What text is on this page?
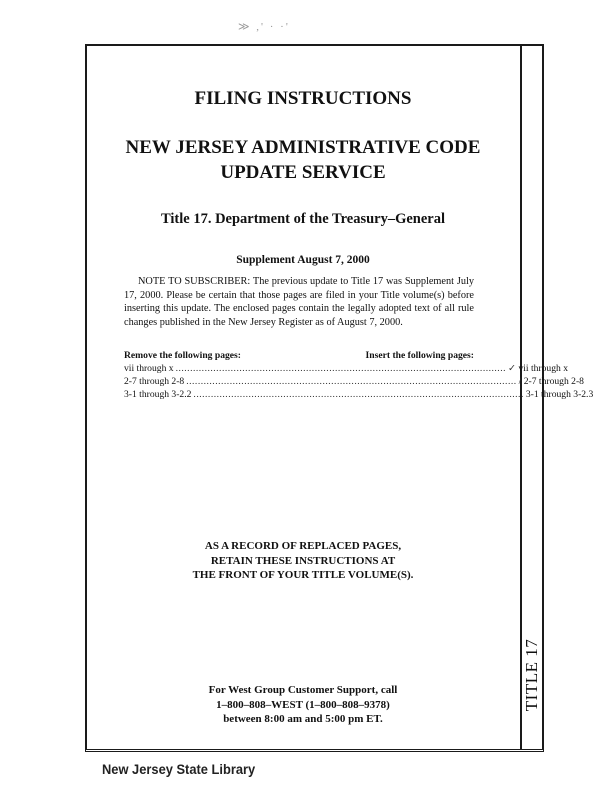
≫ ,' · ·'
TITLE 17
FILING INSTRUCTIONS
NEW JERSEY ADMINISTRATIVE CODE
UPDATE SERVICE
Title 17. Department of the Treasury–General
Supplement August 7, 2000

NOTE TO SUBSCRIBER: The previous update to Title 17 was Supplement July 17, 2000. Please be certain that those pages are filed in your Title volume(s) before inserting this update. The enclosed pages contain the legally adopted text of all rule changes published in the New Jersey Register as of August 7, 2000.

Remove the following pages:	Insert the following pages:
vii through x .................................................................................................................. ✓ vii through x
2-7 through 2-8 .................................................................................................................. / 2-7 through 2-8
3-1 through 3-2.2 .................................................................................................................. 3-1 through 3-2.3
AS A RECORD OF REPLACED PAGES,
RETAIN THESE INSTRUCTIONS AT
THE FRONT OF YOUR TITLE VOLUME(S).
For West Group Customer Support, call
1–800–808–WEST (1–800–808–9378)
between 8:00 am and 5:00 pm ET.
New Jersey State Library
